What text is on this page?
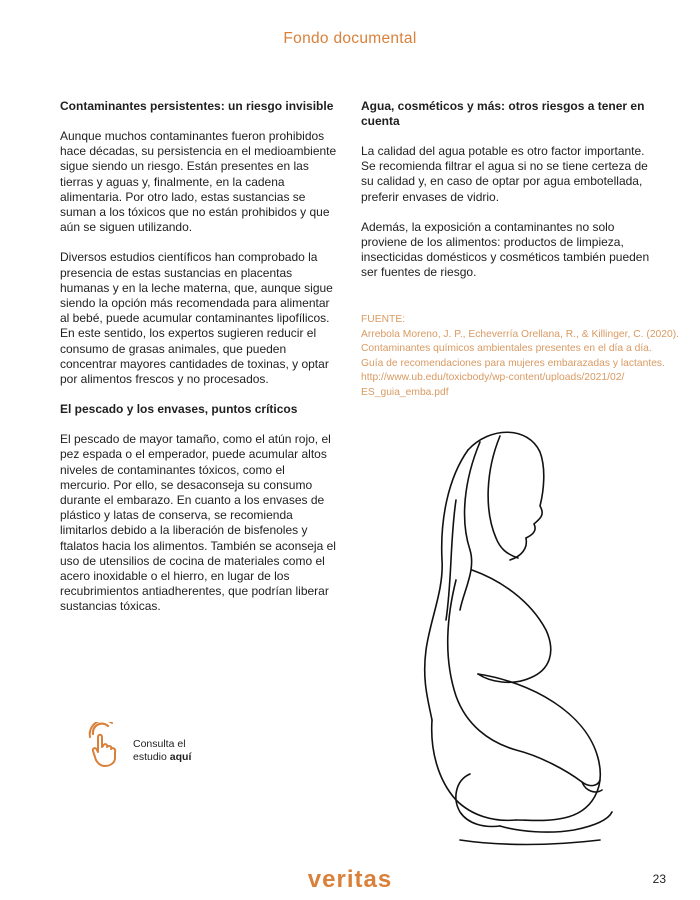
Fondo documental
Contaminantes persistentes: un riesgo invisible

Aunque muchos contaminantes fueron prohibidos hace décadas, su persistencia en el medioambiente sigue siendo un riesgo. Están presentes en las tierras y aguas y, finalmente, en la cadena alimentaria. Por otro lado, estas sustancias se suman a los tóxicos que no están prohibidos y que aún se siguen utilizando.

Diversos estudios científicos han comprobado la presencia de estas sustancias en placentas humanas y en la leche materna, que, aunque sigue siendo la opción más recomendada para alimentar al bebé, puede acumular contaminantes lipofílicos. En este sentido, los expertos sugieren reducir el consumo de grasas animales, que pueden concentrar mayores cantidades de toxinas, y optar por alimentos frescos y no procesados.

El pescado y los envases, puntos críticos

El pescado de mayor tamaño, como el atún rojo, el pez espada o el emperador, puede acumular altos niveles de contaminantes tóxicos, como el mercurio. Por ello, se desaconseja su consumo durante el embarazo. En cuanto a los envases de plástico y latas de conserva, se recomienda limitarlos debido a la liberación de bisfenoles y ftalatos hacia los alimentos. También se aconseja el uso de utensilios de cocina de materiales como el acero inoxidable o el hierro, en lugar de los recubrimientos antiadherentes, que podrían liberar sustancias tóxicas.

Agua, cosméticos y más: otros riesgos a tener en cuenta

La calidad del agua potable es otro factor importante. Se recomienda filtrar el agua si no se tiene certeza de su calidad y, en caso de optar por agua embotellada, preferir envases de vidrio.

Además, la exposición a contaminantes no solo proviene de los alimentos: productos de limpieza, insecticidas domésticos y cosméticos también pueden ser fuentes de riesgo.

FUENTE:
Arrebola Moreno, J. P., Echeverría Orellana, R., & Killinger, C. (2020).
Contaminantes químicos ambientales presentes en el día a día.
Guía de recomendaciones para mujeres embarazadas y lactantes.
http://www.ub.edu/toxicbody/wp-content/uploads/2021/02/
ES_guia_emba.pdf
Consulta el
estudio aquí
veritas	23
